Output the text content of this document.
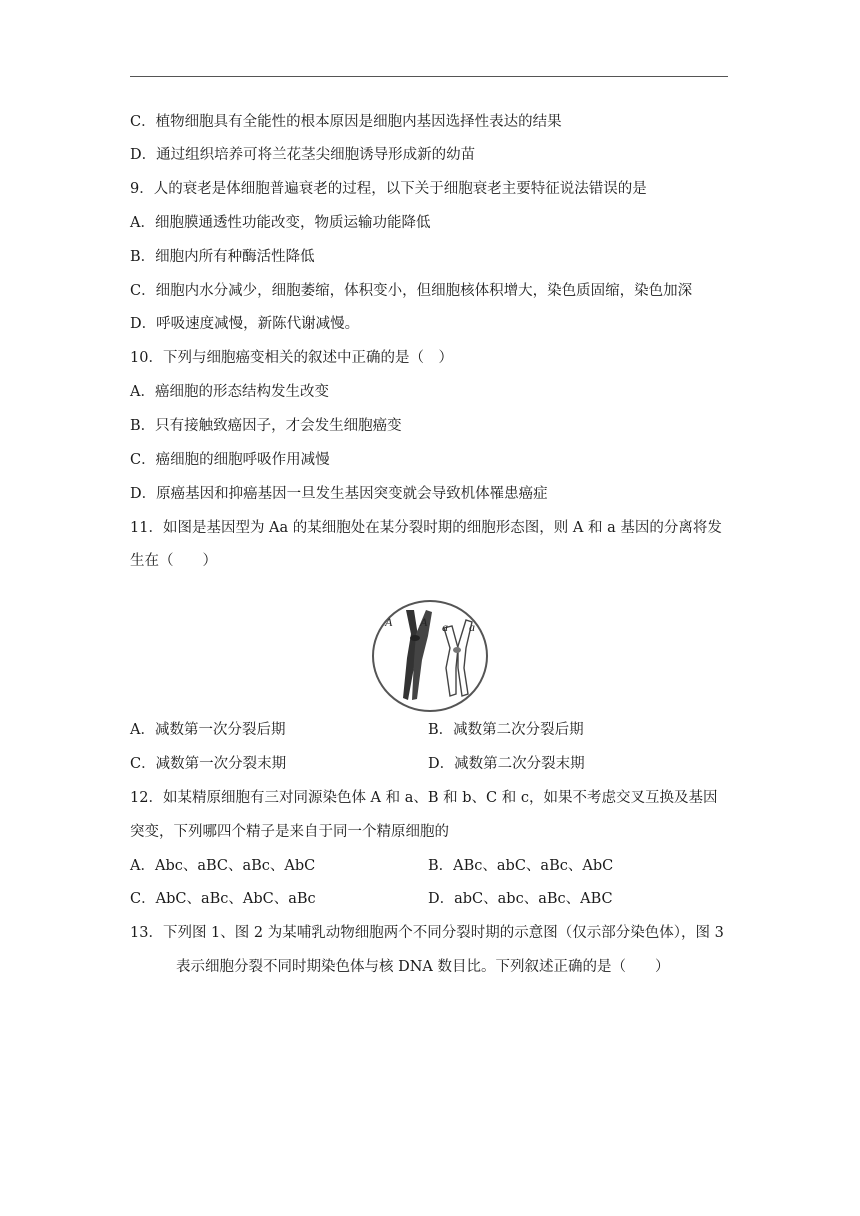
C．植物细胞具有全能性的根本原因是细胞内基因选择性表达的结果
D．通过组织培养可将兰花茎尖细胞诱导形成新的幼苗
9．人的衰老是体细胞普遍衰老的过程，以下关于细胞衰老主要特征说法错误的是
A．细胞膜通透性功能改变，物质运输功能降低
B．细胞内所有种酶活性降低
C．细胞内水分减少，细胞萎缩，体积变小，但细胞核体积增大，染色质固缩，染色加深
D．呼吸速度减慢，新陈代谢减慢。
10．下列与细胞癌变相关的叙述中正确的是（　）
A．癌细胞的形态结构发生改变
B．只有接触致癌因子，才会发生细胞癌变
C．癌细胞的细胞呼吸作用减慢
D．原癌基因和抑癌基因一旦发生基因突变就会导致机体罹患癌症
11．如图是基因型为 Aa 的某细胞处在某分裂时期的细胞形态图，则 A 和 a 基因的分离将发
生在（　　）
A A a a
A．减数第一次分裂后期	B．减数第二次分裂后期
C．减数第一次分裂末期	D．减数第二次分裂末期
12．如某精原细胞有三对同源染色体 A 和 a、B 和 b、C 和 c，如果不考虑交叉互换及基因
突变，下列哪四个精子是来自于同一个精原细胞的
A．Abc、aBC、aBc、AbC	B．ABc、abC、aBc、AbC
C．AbC、aBc、AbC、aBc	D．abC、abc、aBc、ABC
13．下列图 1、图 2 为某哺乳动物细胞两个不同分裂时期的示意图（仅示部分染色体），图 3
表示细胞分裂不同时期染色体与核 DNA 数目比。下列叙述正确的是（　　）
